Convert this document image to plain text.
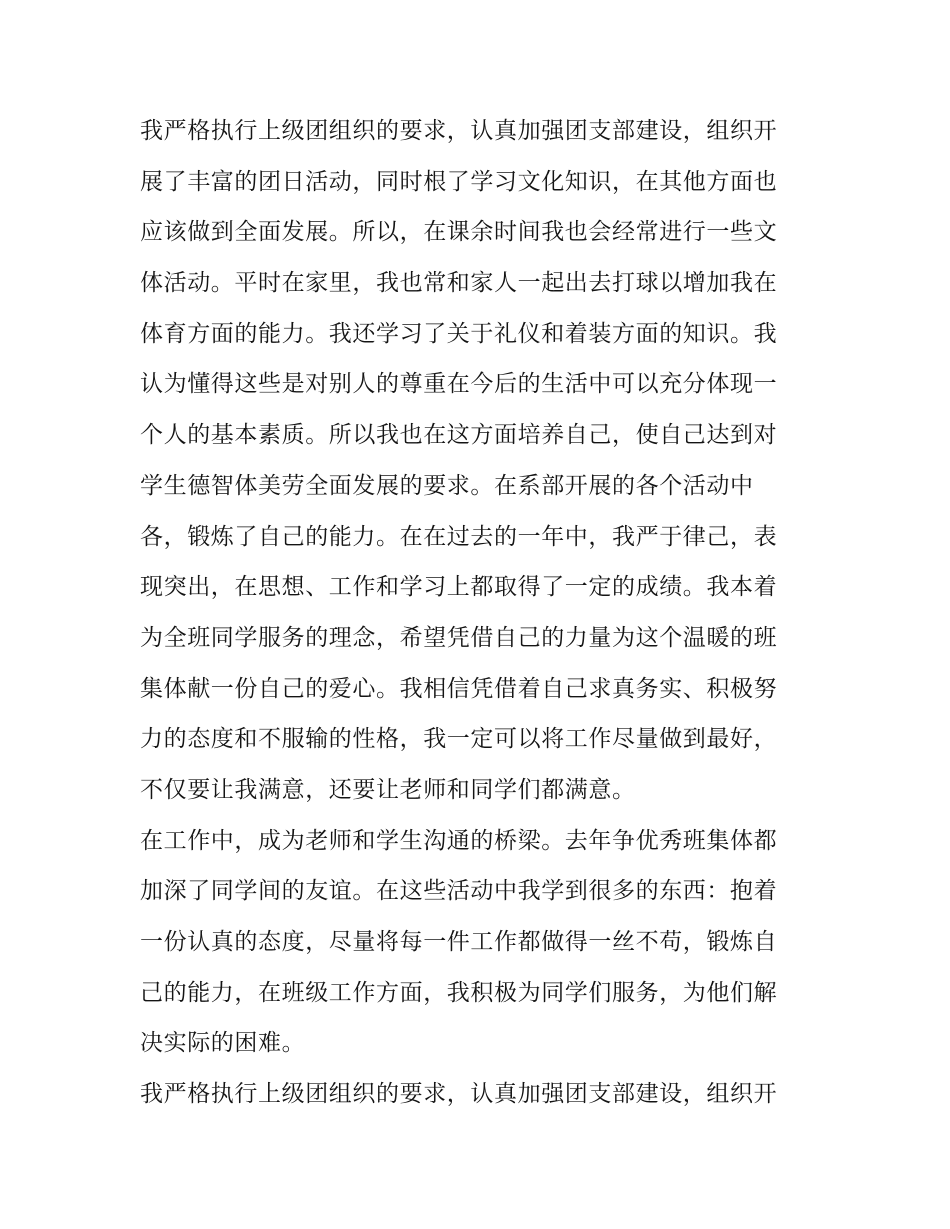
我严格执行上级团组织的要求，认真加强团支部建设，组织开
展了丰富的团日活动，同时根了学习文化知识，在其他方面也
应该做到全面发展。所以，在课余时间我也会经常进行一些文
体活动。平时在家里，我也常和家人一起出去打球以增加我在
体育方面的能力。我还学习了关于礼仪和着装方面的知识。我
认为懂得这些是对别人的尊重在今后的生活中可以充分体现一
个人的基本素质。所以我也在这方面培养自己，使自己达到对
学生德智体美劳全面发展的要求。在系部开展的各个活动中
各，锻炼了自己的能力。在在过去的一年中，我严于律己，表
现突出，在思想、工作和学习上都取得了一定的成绩。我本着
为全班同学服务的理念，希望凭借自己的力量为这个温暖的班
集体献一份自己的爱心。我相信凭借着自己求真务实、积极努
力的态度和不服输的性格，我一定可以将工作尽量做到最好，
不仅要让我满意，还要让老师和同学们都满意。
在工作中，成为老师和学生沟通的桥梁。去年争优秀班集体都
加深了同学间的友谊。在这些活动中我学到很多的东西：抱着
一份认真的态度，尽量将每一件工作都做得一丝不苟，锻炼自
己的能力，在班级工作方面，我积极为同学们服务，为他们解
决实际的困难。
我严格执行上级团组织的要求，认真加强团支部建设，组织开
